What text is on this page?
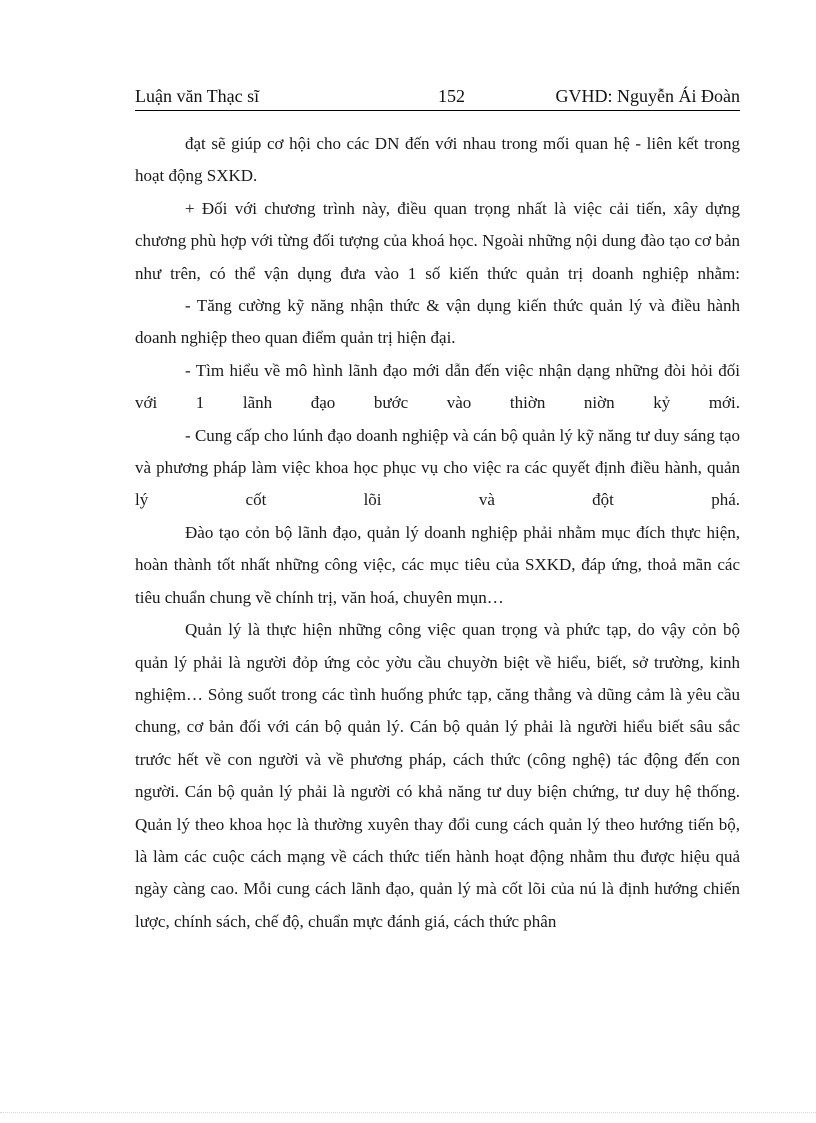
Luận văn Thạc sĩ	152	GVHD: Nguyễn Ái Đoàn

đạt sẽ giúp cơ hội cho các DN đến với nhau trong mối quan hệ - liên kết trong hoạt động SXKD.

+ Đối với chương trình này, điều quan trọng nhất là việc cải tiến, xây dựng chương phù hợp với từng đối tượng của khoá học. Ngoài những nội dung đào tạo cơ bản như trên, có thể vận dụng đưa vào 1 số kiến thức quản trị doanh nghiệp nhằm:

- Tăng cường kỹ năng nhận thức & vận dụng kiến thức quản lý và điều hành doanh nghiệp theo quan điểm quản trị hiện đại.

- Tìm hiểu về mô hình lãnh đạo mới dẫn đến việc nhận dạng những đòi hỏi đối với 1 lãnh đạo bước vào thiờn niờn kỷ mới.

- Cung cấp cho lúnh đạo doanh nghiệp và cán bộ quản lý kỹ năng tư duy sáng tạo và phương pháp làm việc khoa học phục vụ cho việc ra các quyết định điều hành, quản lý cốt lõi và đột phá.

Đào tạo cỏn bộ lãnh đạo, quản lý doanh nghiệp phải nhằm mục đích thực hiện, hoàn thành tốt nhất những công việc, các mục tiêu của SXKD, đáp ứng, thoả mãn các tiêu chuẩn chung về chính trị, văn hoá, chuyên mụn…

Quản lý là thực hiện những công việc quan trọng và phức tạp, do vậy cỏn bộ quản lý phải là người đỏp ứng cỏc yờu cầu chuyờn biệt về hiểu, biết, sở trường, kinh nghiệm… Sỏng suốt trong các tình huống phức tạp, căng thẳng và dũng cảm là yêu cầu chung, cơ bản đối với cán bộ quản lý. Cán bộ quản lý phải là người hiểu biết sâu sắc trước hết về con người và về phương pháp, cách thức (công nghệ) tác động đến con người. Cán bộ quản lý phải là người có khả năng tư duy biện chứng, tư duy hệ thống. Quản lý theo khoa học là thường xuyên thay đổi cung cách quản lý theo hướng tiến bộ, là làm các cuộc cách mạng về cách thức tiến hành hoạt động nhằm thu được hiệu quả ngày càng cao. Mỗi cung cách lãnh đạo, quản lý mà cốt lõi của nú là định hướng chiến lược, chính sách, chế độ, chuẩn mực đánh giá, cách thức phân
